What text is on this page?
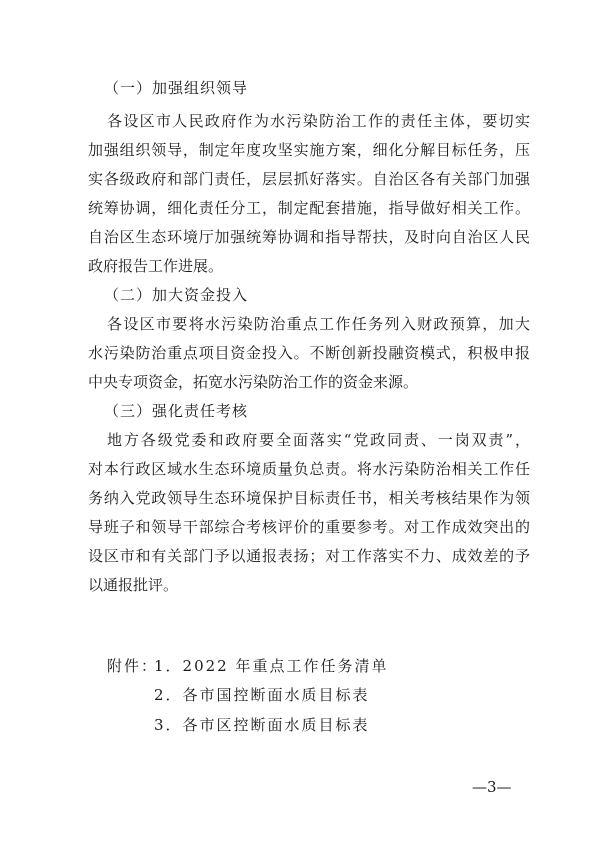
（一）加强组织领导
各设区市人民政府作为水污染防治工作的责任主体，要切实
加强组织领导，制定年度攻坚实施方案，细化分解目标任务，压
实各级政府和部门责任，层层抓好落实。自治区各有关部门加强
统筹协调，细化责任分工，制定配套措施，指导做好相关工作。
自治区生态环境厅加强统筹协调和指导帮扶，及时向自治区人民
政府报告工作进展。
（二）加大资金投入
各设区市要将水污染防治重点工作任务列入财政预算，加大
水污染防治重点项目资金投入。不断创新投融资模式，积极申报
中央专项资金，拓宽水污染防治工作的资金来源。
（三）强化责任考核
地方各级党委和政府要全面落实“党政同责、一岗双责”，
对本行政区域水生态环境质量负总责。将水污染防治相关工作任
务纳入党政领导生态环境保护目标责任书，相关考核结果作为领
导班子和领导干部综合考核评价的重要参考。对工作成效突出的
设区市和有关部门予以通报表扬；对工作落实不力、成效差的予
以通报批评。
附件：
1．2022 年重点工作任务清单
2．各市国控断面水质目标表
3．各市区控断面水质目标表
—3—
